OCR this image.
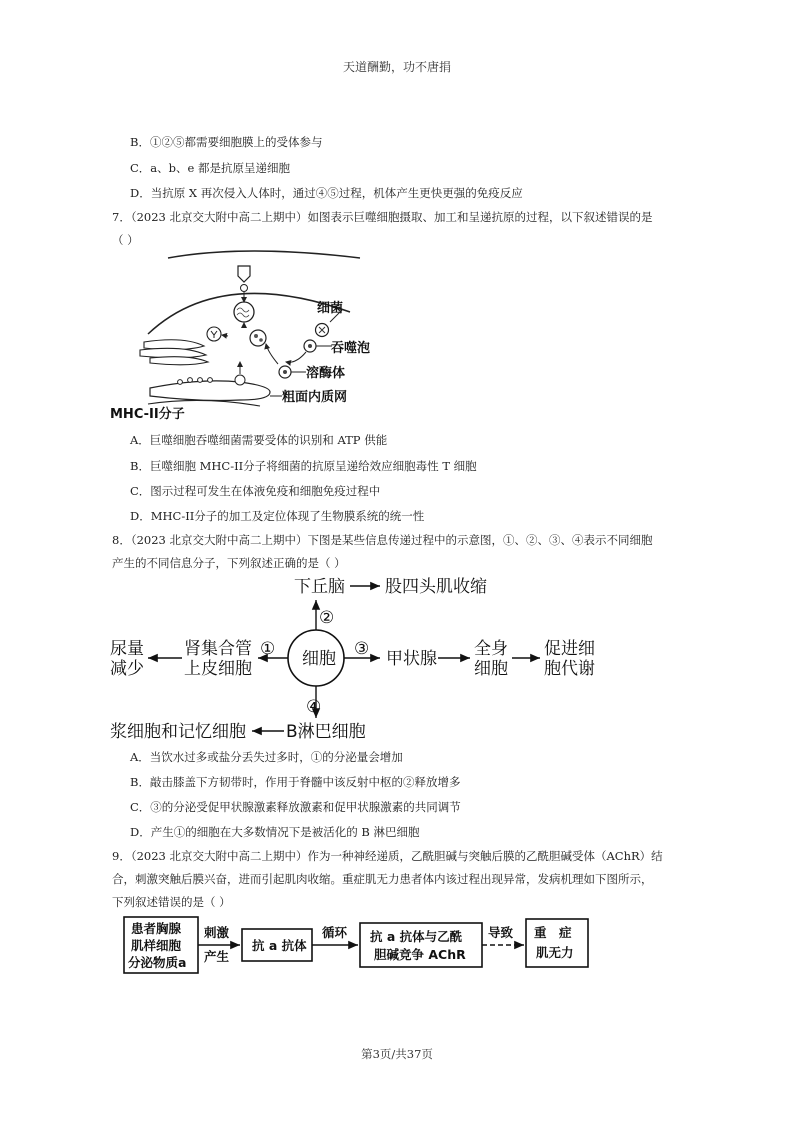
天道酬勤，功不唐捐
B．①②⑤都需要细胞膜上的受体参与
C．a、b、e 都是抗原呈递细胞
D．当抗原 X 再次侵入人体时，通过④⑤过程，机体产生更快更强的免疫反应
7．（2023 北京交大附中高二上期中）如图表示巨噬细胞摄取、加工和呈递抗原的过程，以下叙述错误的是
（ ）
细菌
吞噬泡
溶酶体
粗面内质网
MHC-II分子
A．巨噬细胞吞噬细菌需要受体的识别和 ATP 供能
B．巨噬细胞 MHC-II分子将细菌的抗原呈递给效应细胞毒性 T 细胞
C．图示过程可发生在体液免疫和细胞免疫过程中
D．MHC-II分子的加工及定位体现了生物膜系统的统一性
8．（2023 北京交大附中高二上期中）下图是某些信息传递过程中的示意图，①、②、③、④表示不同细胞
产生的不同信息分子，下列叙述正确的是（ ）
细胞
②
下丘脑 股四头肌收缩
①
肾集合管
上皮细胞
尿量
减少
③ 甲状腺 全身
细胞
促进细
胞代谢
④
B淋巴细胞
浆细胞和记忆细胞
A．当饮水过多或盐分丢失过多时，①的分泌量会增加
B．敲击膝盖下方韧带时，作用于脊髓中该反射中枢的②释放增多
C．③的分泌受促甲状腺激素释放激素和促甲状腺激素的共同调节
D．产生①的细胞在大多数情况下是被活化的 B 淋巴细胞
9．（2023 北京交大附中高二上期中）作为一种神经递质，乙酰胆碱与突触后膜的乙酰胆碱受体（AChR）结
合，刺激突触后膜兴奋，进而引起肌肉收缩。重症肌无力患者体内该过程出现异常，发病机理如下图所示，
下列叙述错误的是（ ）
患者胸腺
肌样细胞
分泌物质a
刺激
产生
抗 a 抗体
循环 抗 a 抗体与乙酰
胆碱竞争 AChR
导致 重　症
肌无力
第3页/共37页
